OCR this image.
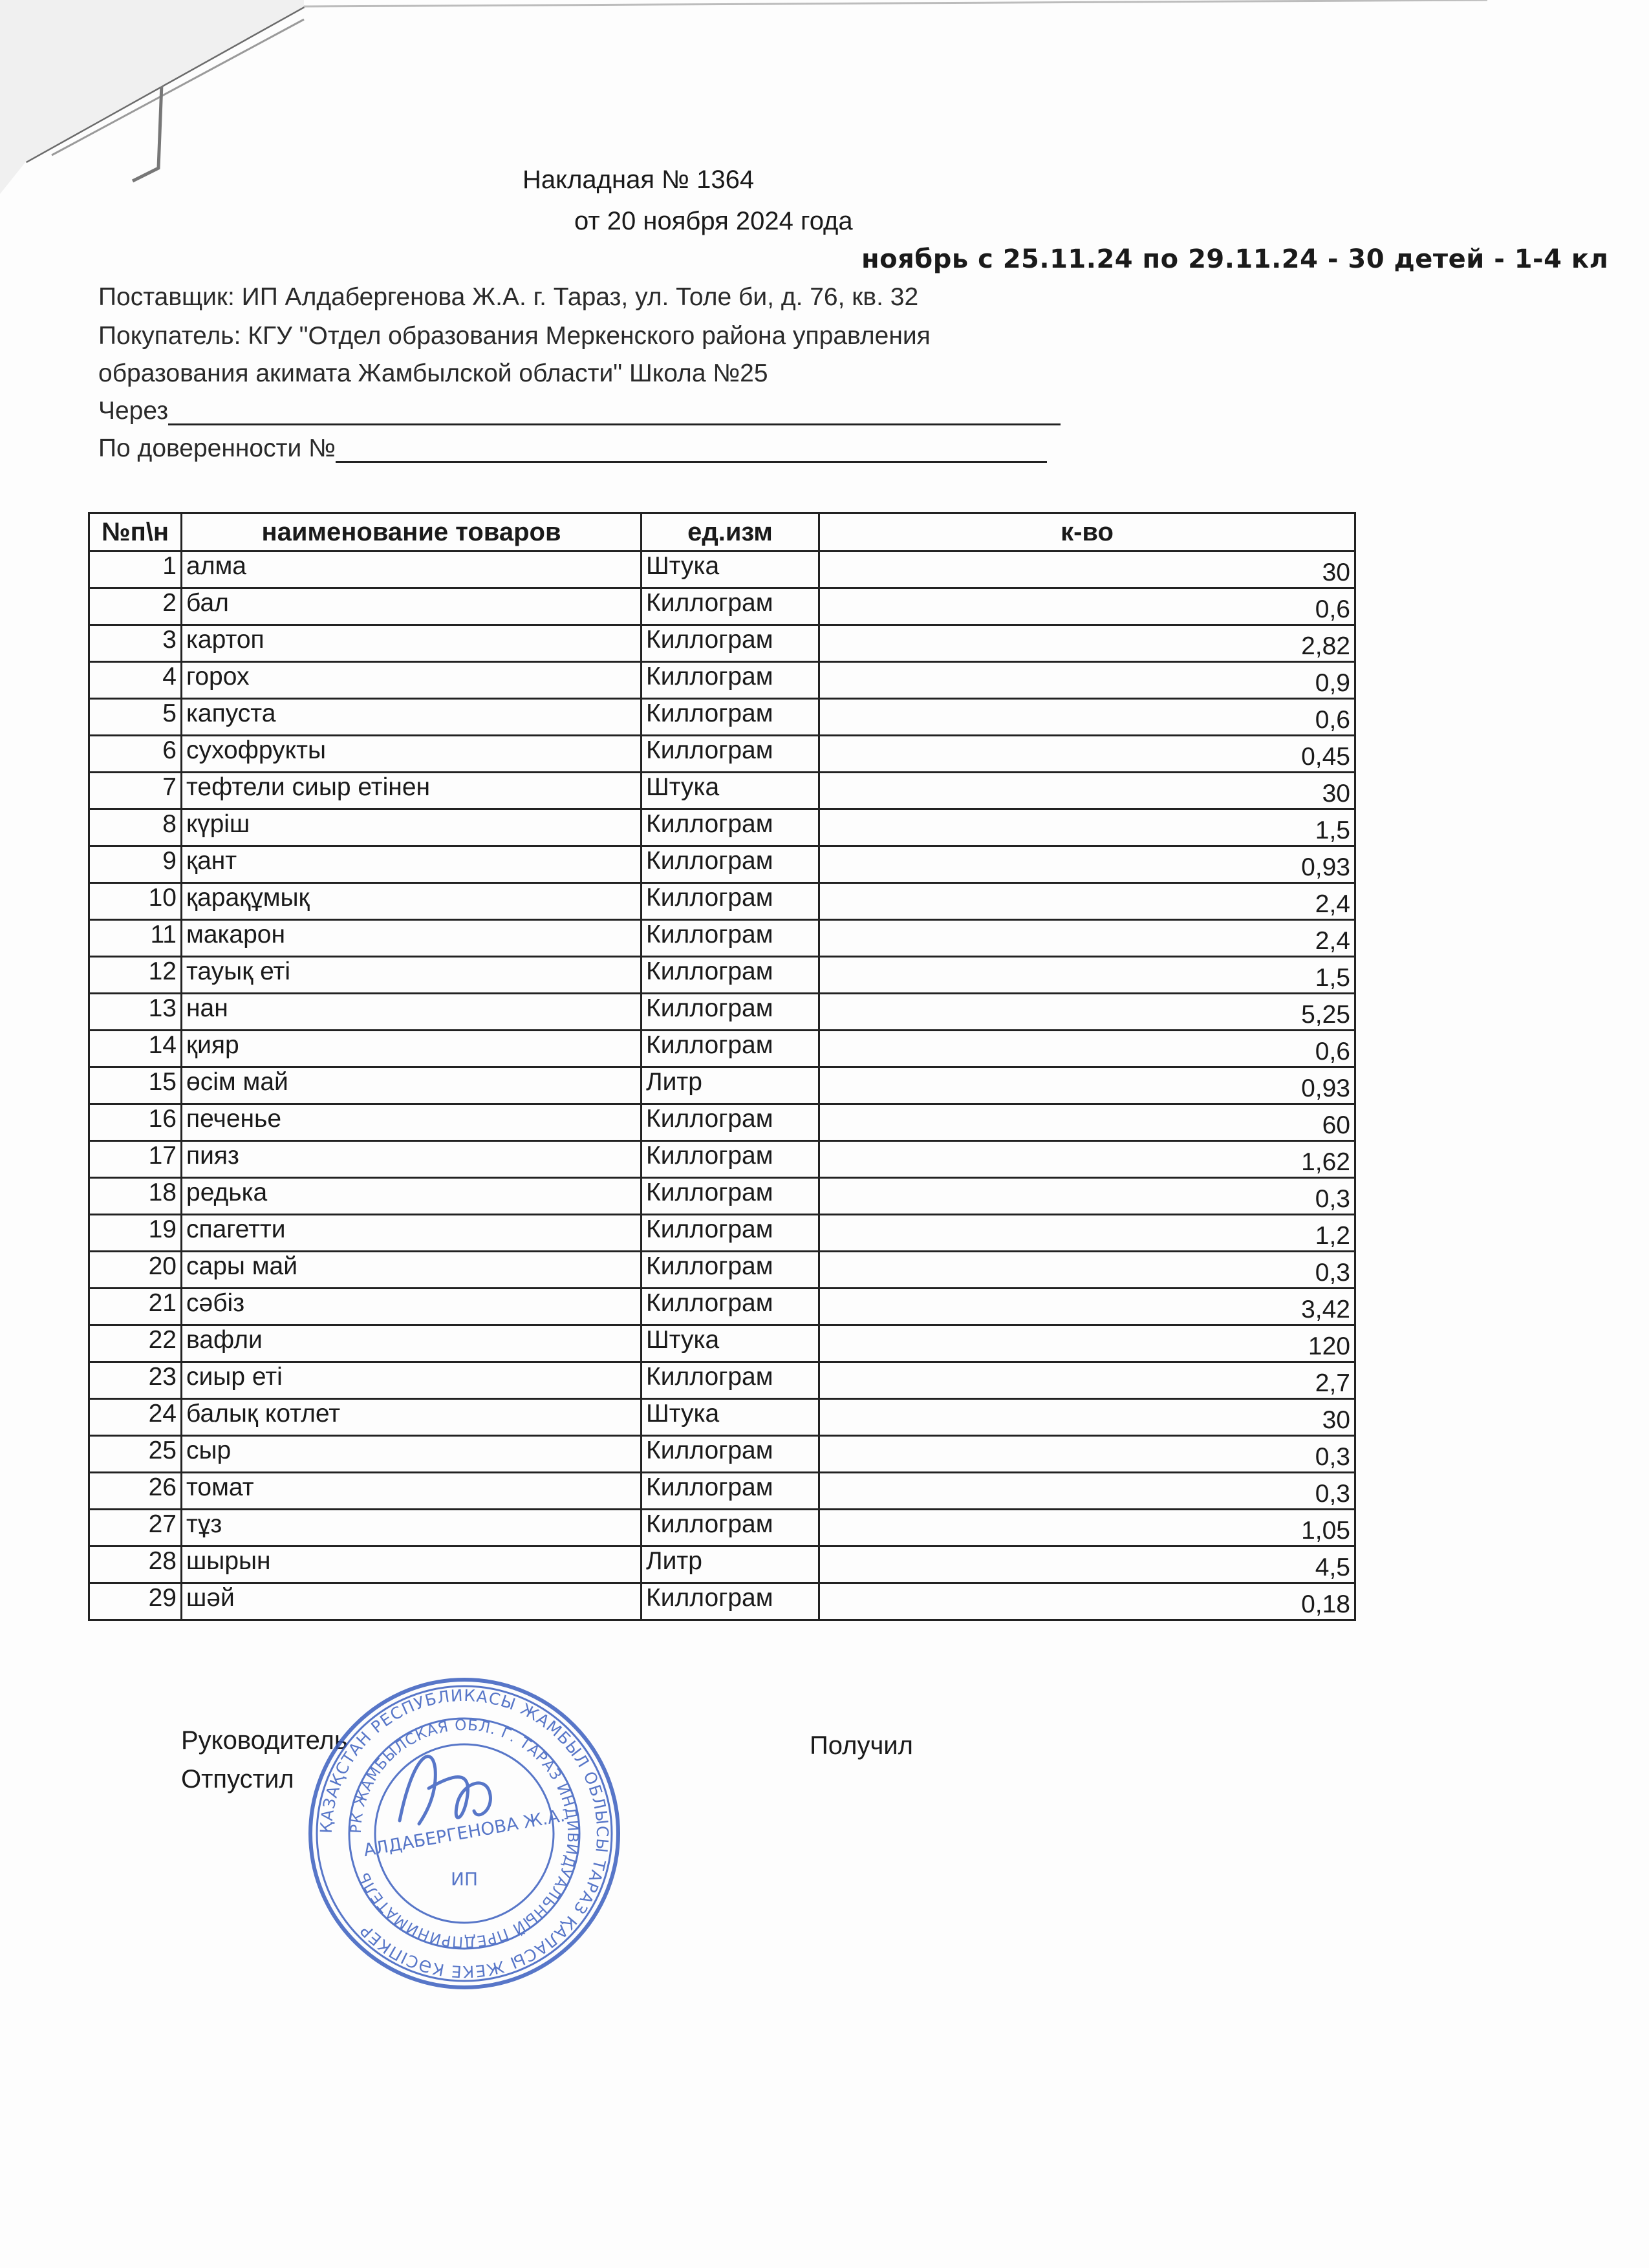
Накладная № 1364
от 20 ноября 2024 года
ноябрь с 25.11.24 по 29.11.24 - 30 детей - 1-4 кл
Поставщик: ИП Алдабергенова Ж.А. г. Тараз, ул. Толе би, д. 76, кв. 32
Покупатель: КГУ "Отдел образования Меркенского района управления
образования акимата Жамбылской области" Школа №25
Через
По доверенности №
№п\н	наименование товаров	ед.изм	к-во
1	алма	Штука	30
2	бал	Киллограм	0,6
3	картоп	Киллограм	2,82
4	горох	Киллограм	0,9
5	капуста	Киллограм	0,6
6	сухофрукты	Киллограм	0,45
7	тефтели сиыр етінен	Штука	30
8	күріш	Киллограм	1,5
9	қант	Киллограм	0,93
10	қарақұмық	Киллограм	2,4
11	макарон	Киллограм	2,4
12	тауық еті	Киллограм	1,5
13	нан	Киллограм	5,25
14	қияр	Киллограм	0,6
15	өсім май	Литр	0,93
16	печенье	Киллограм	60
17	пияз	Киллограм	1,62
18	редька	Киллограм	0,3
19	спагетти	Киллограм	1,2
20	сары май	Киллограм	0,3
21	сәбіз	Киллограм	3,42
22	вафли	Штука	120
23	сиыр еті	Киллограм	2,7
24	балық котлет	Штука	30
25	сыр	Киллограм	0,3
26	томат	Киллограм	0,3
27	тұз	Киллограм	1,05
28	шырын	Литр	4,5
29	шәй	Киллограм	0,18
Руководитель
Отпустил
Получил
ҚАЗАҚСТАН РЕСПУБЛИКАСЫ ЖАМБЫЛ ОБЛЫСЫ ТАРАЗ ҚАЛАСЫ ЖЕКЕ КӘСІПКЕР
РК ЖАМБЫЛСКАЯ ОБЛ. Г. ТАРАЗ ИНДИВИДУАЛЬНЫЙ ПРЕДПРИНИМАТЕЛЬ
АЛДАБЕРГЕНОВА Ж.А.
ИП
